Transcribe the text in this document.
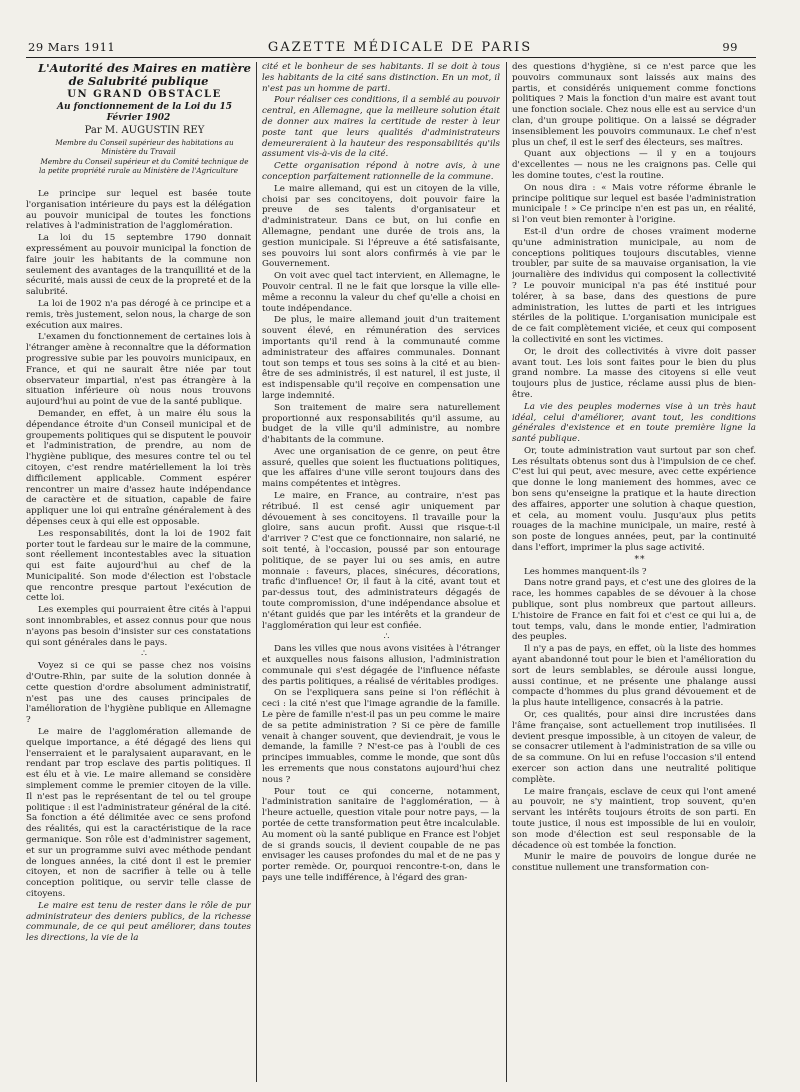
29 Mars 1911	GAZETTE MÉDICALE DE PARIS	99

L'Autorité des Maires en matière de Salubrité publique

UN GRAND OBSTACLE

Au fonctionnement de la Loi du 15 Février 1902

Par M. AUGUSTIN REY

Membre du Conseil supérieur des habitations au Ministère du Travail

Membre du Conseil supérieur et du Comité technique de la petite propriété rurale au Ministère de l'Agriculture

Le principe sur lequel est basée toute l'organisation intérieure du pays est la délégation au pouvoir municipal de toutes les fonctions relatives à l'administration de l'agglomération.

La loi du 15 septembre 1790 donnait expressément au pouvoir municipal la fonction de faire jouir les habitants de la commune non seulement des avantages de la tranquillité et de la sécurité, mais aussi de ceux de la propreté et de la salubrité.

La loi de 1902 n'a pas dérogé à ce principe et a remis, très justement, selon nous, la charge de son exécution aux maires.

L'examen du fonctionnement de certaines lois à l'étranger amène à reconnaître que la déformation progressive subie par les pouvoirs municipaux, en France, et qui ne saurait être niée par tout observateur impartial, n'est pas étrangère à la situation inférieure où nous nous trouvons aujourd'hui au point de vue de la santé publique.

Demander, en effet, à un maire élu sous la dépendance étroite d'un Conseil municipal et de groupements politiques qui se disputent le pouvoir et l'administration, de prendre, au nom de l'hygiène publique, des mesures contre tel ou tel citoyen, c'est rendre matériellement la loi très difficilement applicable. Comment espérer rencontrer un maire d'assez haute indépendance de caractère et de situation, capable de faire appliquer une loi qui entraîne généralement à des dépenses ceux à qui elle est opposable.

Les responsabilités, dont la loi de 1902 fait porter tout le fardeau sur le maire de la commune, sont réellement incontestables avec la situation qui est faite aujourd'hui au chef de la Municipalité. Son mode d'élection est l'obstacle que rencontre presque partout l'exécution de cette loi.

Les exemples qui pourraient être cités à l'appui sont innombrables, et assez connus pour que nous n'ayons pas besoin d'insister sur ces constatations qui sont générales dans le pays.

∴

Voyez si ce qui se passe chez nos voisins d'Outre-Rhin, par suite de la solution donnée à cette question d'ordre absolument administratif, n'est pas une des causes principales de l'amélioration de l'hygiène publique en Allemagne ?

Le maire de l'agglomération allemande de quelque importance, a été dégagé des liens qui l'enserraient et le paralysaient auparavant, en le rendant par trop esclave des partis politiques. Il est élu et à vie. Le maire allemand se considère simplement comme le premier citoyen de la ville. Il n'est pas le représentant de tel ou tel groupe politique : il est l'administrateur général de la cité. Sa fonction a été délimitée avec ce sens profond des réalités, qui est la caractéristique de la race germanique. Son rôle est d'administrer sagement, et sur un programme suivi avec méthode pendant de longues années, la cité dont il est le premier citoyen, et non de sacrifier à telle ou à telle conception politique, ou servir telle classe de citoyens.

Le maire est tenu de rester dans le rôle de pur administrateur des deniers publics, de la richesse communale, de ce qui peut améliorer, dans toutes les directions, la vie de la

cité et le bonheur de ses habitants. Il se doit à tous les habitants de la cité sans distinction. En un mot, il n'est pas un homme de parti.

Pour réaliser ces conditions, il a semblé au pouvoir central, en Allemagne, que la meilleure solution était de donner aux maires la certitude de rester à leur poste tant que leurs qualités d'administrateurs demeureraient à la hauteur des responsabilités qu'ils assument vis-à-vis de la cité.

Cette organisation répond à notre avis, à une conception parfaitement rationnelle de la commune.

Le maire allemand, qui est un citoyen de la ville, choisi par ses concitoyens, doit pouvoir faire la preuve de ses talents d'organisateur et d'administrateur. Dans ce but, on lui confie en Allemagne, pendant une durée de trois ans, la gestion municipale. Si l'épreuve a été satisfaisante, ses pouvoirs lui sont alors confirmés à vie par le Gouvernement.

On voit avec quel tact intervient, en Allemagne, le Pouvoir central. Il ne le fait que lorsque la ville elle-même a reconnu la valeur du chef qu'elle a choisi en toute indépendance.

De plus, le maire allemand jouit d'un traitement souvent élevé, en rémunération des services importants qu'il rend à la communauté comme administrateur des affaires communales. Donnant tout son temps et tous ses soins à la cité et au bien-être de ses administrés, il est naturel, il est juste, il est indispensable qu'il reçoive en compensation une large indemnité.

Son traitement de maire sera naturellement proportionné aux responsabilités qu'il assume, au budget de la ville qu'il administre, au nombre d'habitants de la commune.

Avec une organisation de ce genre, on peut être assuré, quelles que soient les fluctuations politiques, que les affaires d'une ville seront toujours dans des mains compétentes et intègres.

Le maire, en France, au contraire, n'est pas rétribué. Il est censé agir uniquement par dévouement à ses concitoyens. Il travaille pour la gloire, sans aucun profit. Aussi que risque-t-il d'arriver ? C'est que ce fonctionnaire, non salarié, ne soit tenté, à l'occasion, poussé par son entourage politique, de se payer lui ou ses amis, en autre monnaie : faveurs, places, sinécures, décorations, trafic d'influence! Or, il faut à la cité, avant tout et par-dessus tout, des administrateurs dégagés de toute compromission, d'une indépendance absolue et n'étant guidés que par les intérêts et la grandeur de l'agglomération qui leur est confiée.

∴

Dans les villes que nous avons visitées à l'étranger et auxquelles nous faisons allusion, l'administration communale qui s'est dégagée de l'influence néfaste des partis politiques, a réalisé de véritables prodiges.

On se l'expliquera sans peine si l'on réfléchit à ceci : la cité n'est que l'image agrandie de la famille. Le père de famille n'est-il pas un peu comme le maire de sa petite administration ? Si ce père de famille venait à changer souvent, que deviendrait, je vous le demande, la famille ? N'est-ce pas à l'oubli de ces principes immuables, comme le monde, que sont dûs les errements que nous constatons aujourd'hui chez nous ?

Pour tout ce qui concerne, notamment, l'administration sanitaire de l'agglomération, — à l'heure actuelle, question vitale pour notre pays, — la portée de cette transformation peut être incalculable. Au moment où la santé publique en France est l'objet de si grands soucis, il devient coupable de ne pas envisager les causes profondes du mal et de ne pas y porter remède. Or, pourquoi rencontre-t-on, dans le pays une telle indifférence, à l'égard des gran-

des questions d'hygiène, si ce n'est parce que les pouvoirs communaux sont laissés aux mains des partis, et considérés uniquement comme fonctions politiques ? Mais la fonction d'un maire est avant tout une fonction sociale. Chez nous elle est au service d'un clan, d'un groupe politique. On a laissé se dégrader insensiblement les pouvoirs communaux. Le chef n'est plus un chef, il est le serf des électeurs, ses maîtres.

Quant aux objections — il y en a toujours d'excellentes — nous ne les craignons pas. Celle qui les domine toutes, c'est la routine.

On nous dira : « Mais votre réforme ébranle le principe politique sur lequel est basée l'administration municipale ! » Ce principe n'en est pas un, en réalité, si l'on veut bien remonter à l'origine.

Est-il d'un ordre de choses vraiment moderne qu'une administration municipale, au nom de conceptions politiques toujours discutables, vienne troubler, par suite de sa mauvaise organisation, la vie journalière des individus qui composent la collectivité ? Le pouvoir municipal n'a pas été institué pour tolérer, à sa base, dans des questions de pure administration, les luttes de parti et les intrigues stériles de la politique. L'organisation municipale est de ce fait complètement viciée, et ceux qui composent la collectivité en sont les victimes.

Or, le droit des collectivités à vivre doit passer avant tout. Les lois sont faites pour le bien du plus grand nombre. La masse des citoyens si elle veut toujours plus de justice, réclame aussi plus de bien-être.

La vie des peuples modernes vise à un très haut idéal, celui d'améliorer, avant tout, les conditions générales d'existence et en toute première ligne la santé publique.

Or, toute administration vaut surtout par son chef. Les résultats obtenus sont dus à l'impulsion de ce chef. C'est lui qui peut, avec mesure, avec cette expérience que donne le long maniement des hommes, avec ce bon sens qu'enseigne la pratique et la haute direction des affaires, apporter une solution à chaque question, et cela, au moment voulu. Jusqu'aux plus petits rouages de la machine municipale, un maire, resté à son poste de longues années, peut, par la continuité dans l'effort, imprimer la plus sage activité.

**

Les hommes manquent-ils ?

Dans notre grand pays, et c'est une des gloires de la race, les hommes capables de se dévouer à la chose publique, sont plus nombreux que partout ailleurs. L'histoire de France en fait foi et c'est ce qui lui a, de tout temps, valu, dans le monde entier, l'admiration des peuples.

Il n'y a pas de pays, en effet, où la liste des hommes ayant abandonné tout pour le bien et l'amélioration du sort de leurs semblables, se déroule aussi longue, aussi continue, et ne présente une phalange aussi compacte d'hommes du plus grand dévouement et de la plus haute intelligence, consacrés à la patrie.

Or, ces qualités, pour ainsi dire incrustées dans l'âme française, sont actuellement trop inutilisées. Il devient presque impossible, à un citoyen de valeur, de se consacrer utilement à l'administration de sa ville ou de sa commune. On lui en refuse l'occasion s'il entend exercer son action dans une neutralité politique complète.

Le maire français, esclave de ceux qui l'ont amené au pouvoir, ne s'y maintient, trop souvent, qu'en servant les intérêts toujours étroits de son parti. En toute justice, il nous est impossible de lui en vouloir, son mode d'élection est seul responsable de la décadence où est tombée la fonction.

Munir le maire de pouvoirs de longue durée ne constitue nullement une transformation con-
